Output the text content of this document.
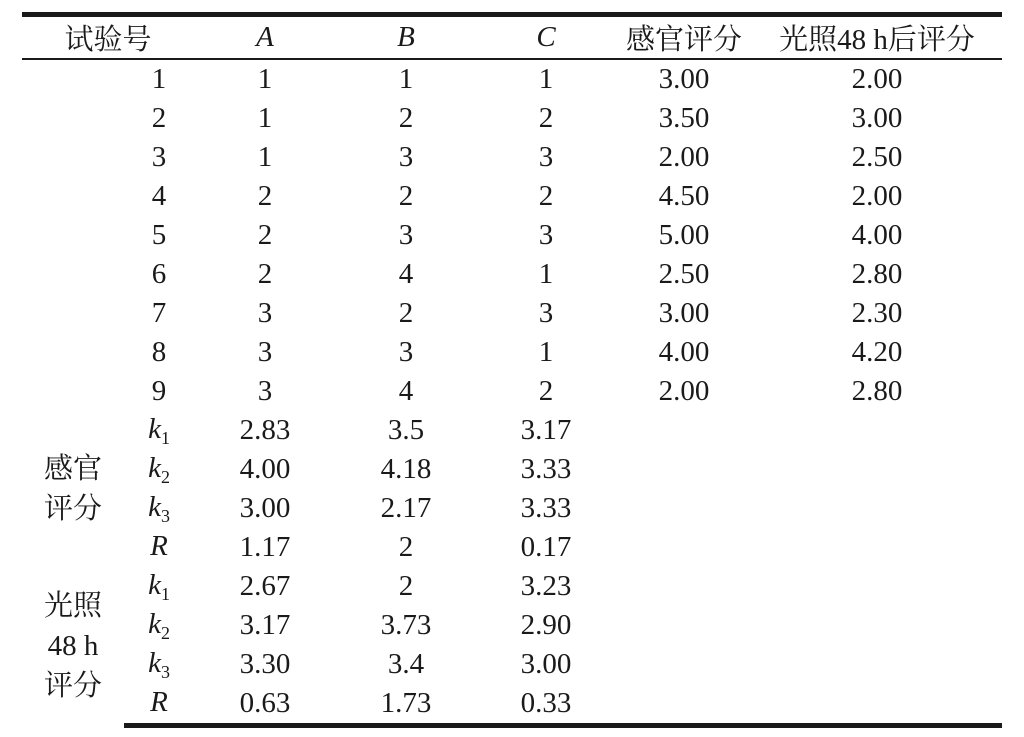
试验号		A	B	C	感官评分	光照48 h后评分
	1	1	1	1	3.00	2.00
	2	1	2	2	3.50	3.00
	3	1	3	3	2.00	2.50
	4	2	2	2	4.50	2.00
	5	2	3	3	5.00	4.00
	6	2	4	1	2.50	2.80
	7	3	2	3	3.00	2.30
	8	3	3	1	4.00	4.20
	9	3	4	2	2.00	2.80

感官
评分	$k_1$	2.83	3.5	3.17		
	$k_2$	4.00	4.18	3.33		
	$k_3$	3.00	2.17	3.33		
	R	1.17	2	0.17		

光照
48 h
评分	$k_1$	2.67	2	3.23		
	$k_2$	3.17	3.73	2.90		
	$k_3$	3.30	3.4	3.00		
	R	0.63	1.73	0.33		
